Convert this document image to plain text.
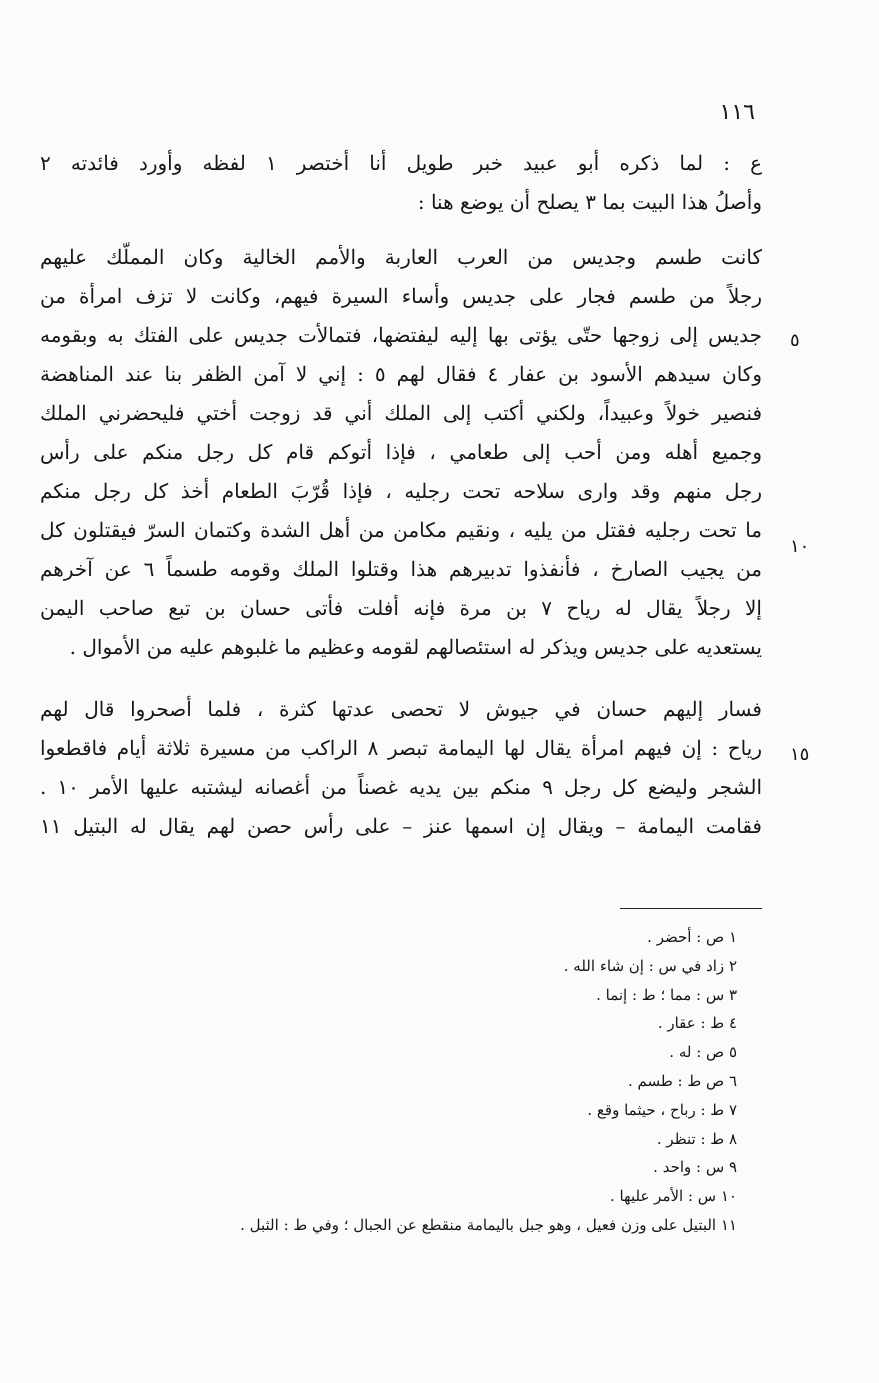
١١٦
ع : لما ذكره أبو عبيد خبر طويل أنا أختصر ١ لفظه وأورد فائدته ٢
وأصلُ هذا البيت بما ٣ يصلح أن يوضع هنا :
كانت طسم وجديس من العرب العاربة والأمم الخالية وكان المملّك عليهم
رجلاً من طسم فجار على جديس وأساء السيرة فيهم، وكانت لا تزف امرأة من
جديس إلى زوجها حتّى يؤتى بها إليه ليفتضها، فتمالأت جديس على الفتك به وبقومه
وكان سيدهم الأسود بن عفار ٤ فقال لهم ٥ : إني لا آمن الظفر بنا عند المناهضة
فنصير خولاً وعبيداً، ولكني أكتب إلى الملك أني قد زوجت أختي فليحضرني الملك
وجميع أهله ومن أحب إلى طعامي ، فإذا أتوكم قام كل رجل منكم على رأس
رجل منهم وقد وارى سلاحه تحت رجليه ، فإذا قُرّبَ الطعام أخذ كل رجل منكم
ما تحت رجليه فقتل من يليه ، ونقيم مكامن من أهل الشدة وكتمان السرّ فيقتلون كل
من يجيب الصارخ ، فأنفذوا تدبيرهم هذا وقتلوا الملك وقومه طسماً ٦ عن آخرهم
إلا رجلاً يقال له رياح ٧ بن مرة فإنه أفلت فأتى حسان بن تبع صاحب اليمن
يستعديه على جديس ويذكر له استئصالهم لقومه وعظيم ما غلبوهم عليه من الأموال .
فسار إليهم حسان في جيوش لا تحصى عدتها كثرة ، فلما أصحروا قال لهم
رياح : إن فيهم امرأة يقال لها اليمامة تبصر ٨ الراكب من مسيرة ثلاثة أيام فاقطعوا
الشجر وليضع كل رجل ٩ منكم بين يديه غصناً من أغصانه ليشتبه عليها الأمر ١٠ .
فقامت اليمامة – ويقال إن اسمها عنز – على رأس حصن لهم يقال له البتيل ١١
٥
١٠
١٥
١ ص : أحضر .
٢ زاد في س : إن شاء الله .
٣ س : مما ؛ ط : إنما .
٤ ط : عقار .
٥ ص : له .
٦ ص ط : طسم .
٧ ط : رباح ، حيثما وقع .
٨ ط : تنظر .
٩ س : واحد .
١٠ س : الأمر عليها .
١١ البتيل على وزن فعيل ، وهو جبل باليمامة منقطع عن الجبال ؛ وفي ط : الثبل .
